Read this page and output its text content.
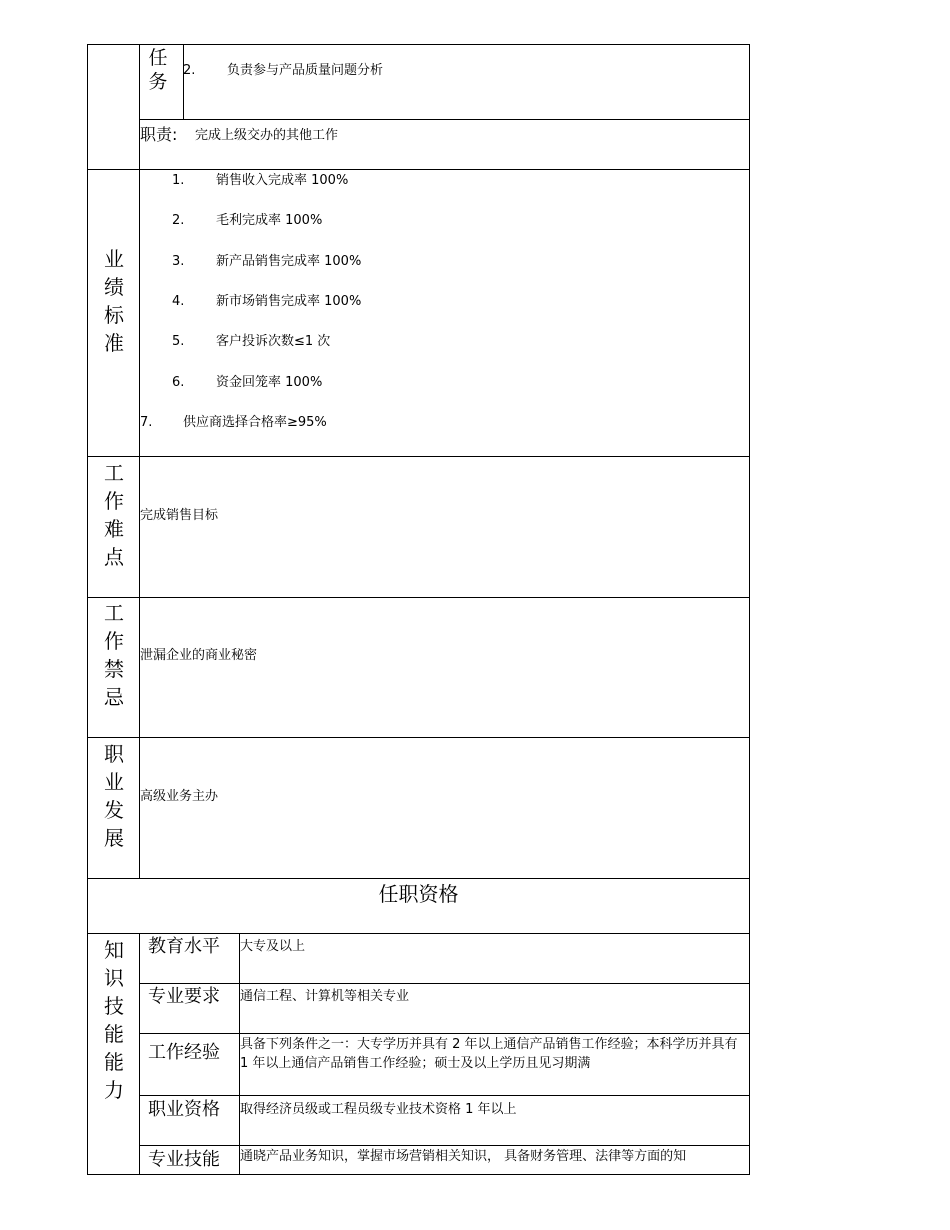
任务
2. 负责参与产品质量问题分析
职责: 完成上级交办的其他工作
业绩标准
1. 销售收入完成率 100%
2. 毛利完成率 100%
3. 新产品销售完成率 100%
4. 新市场销售完成率 100%
5. 客户投诉次数≤1 次
6. 资金回笼率 100%
7. 供应商选择合格率≥95%
工作难点
完成销售目标
工作禁忌
泄漏企业的商业秘密
职业发展
高级业务主办
任职资格
知识技能能力
教育水平 大专及以上
专业要求 通信工程、计算机等相关专业
工作经验 具备下列条件之一：大专学历并具有 2 年以上通信产品销售工作经验；本科学历并具有 1 年以上通信产品销售工作经验；硕士及以上学历且见习期满
职业资格 取得经济员级或工程员级专业技术资格 1 年以上
专业技能 通晓产品业务知识，掌握市场营销相关知识， 具备财务管理、法律等方面的知
